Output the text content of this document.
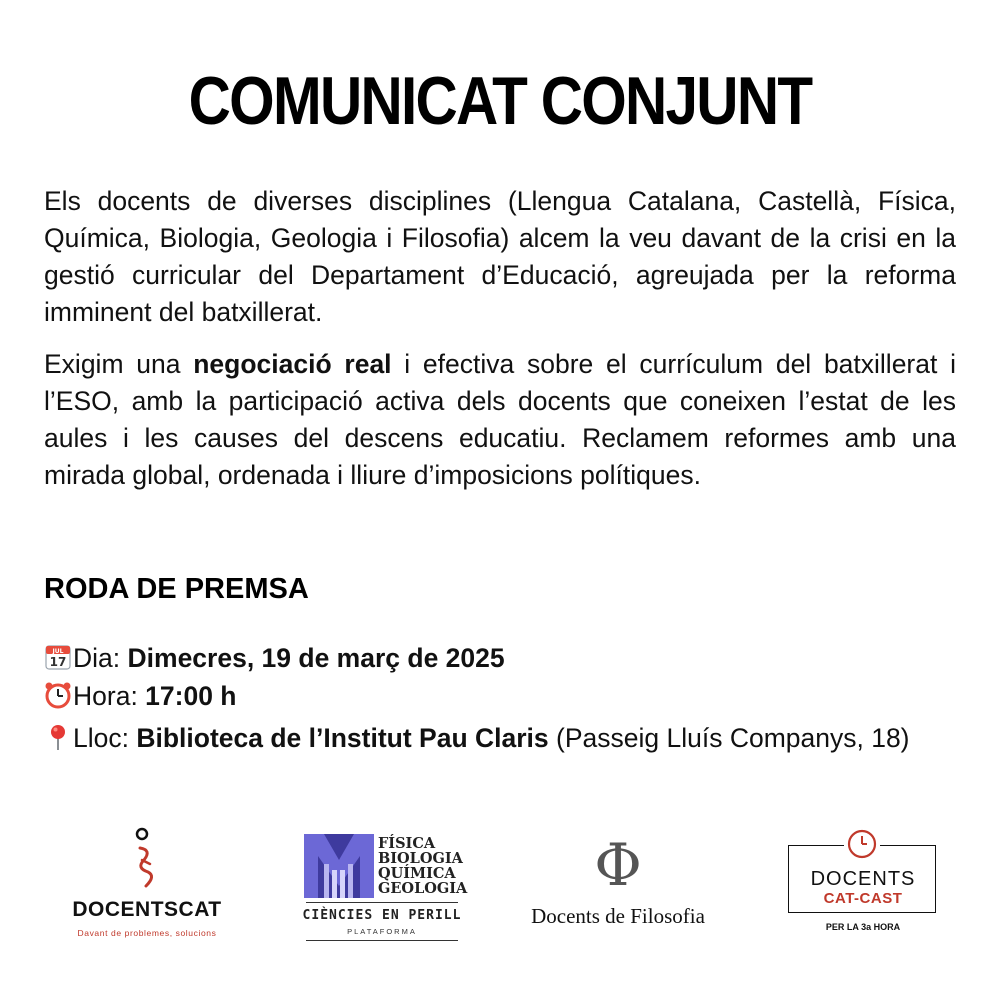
COMUNICAT CONJUNT
Els docents de diverses disciplines (Llengua Catalana, Castellà, Física, Química, Biologia, Geologia i Filosofia) alcem la veu davant de la crisi en la gestió curricular del Departament d’Educació, agreujada per la reforma imminent del batxillerat.
Exigim una negociació real i efectiva sobre el currículum del batxillerat i l’ESO, amb la participació activa dels docents que coneixen l’estat de les aules i les causes del descens educatiu. Reclamem reformes amb una mirada global, ordenada i lliure d’imposicions polítiques.
RODA DE PREMSA
JUL
17 Dia: Dimecres, 19 de març de 2025
Hora: 17:00 h
Lloc: Biblioteca de l’Institut Pau Claris (Passeig Lluís Companys, 18)
DOCENTSCAT
Davant de problemes, solucions
FÍSICA
BIOLOGIA
QUÍMICA
GEOLOGIA
CIÈNCIES EN PERILL
PLATAFORMA
Φ
Docents de Filosofia
DOCENTS
CAT-CAST
PER LA 3a HORA
